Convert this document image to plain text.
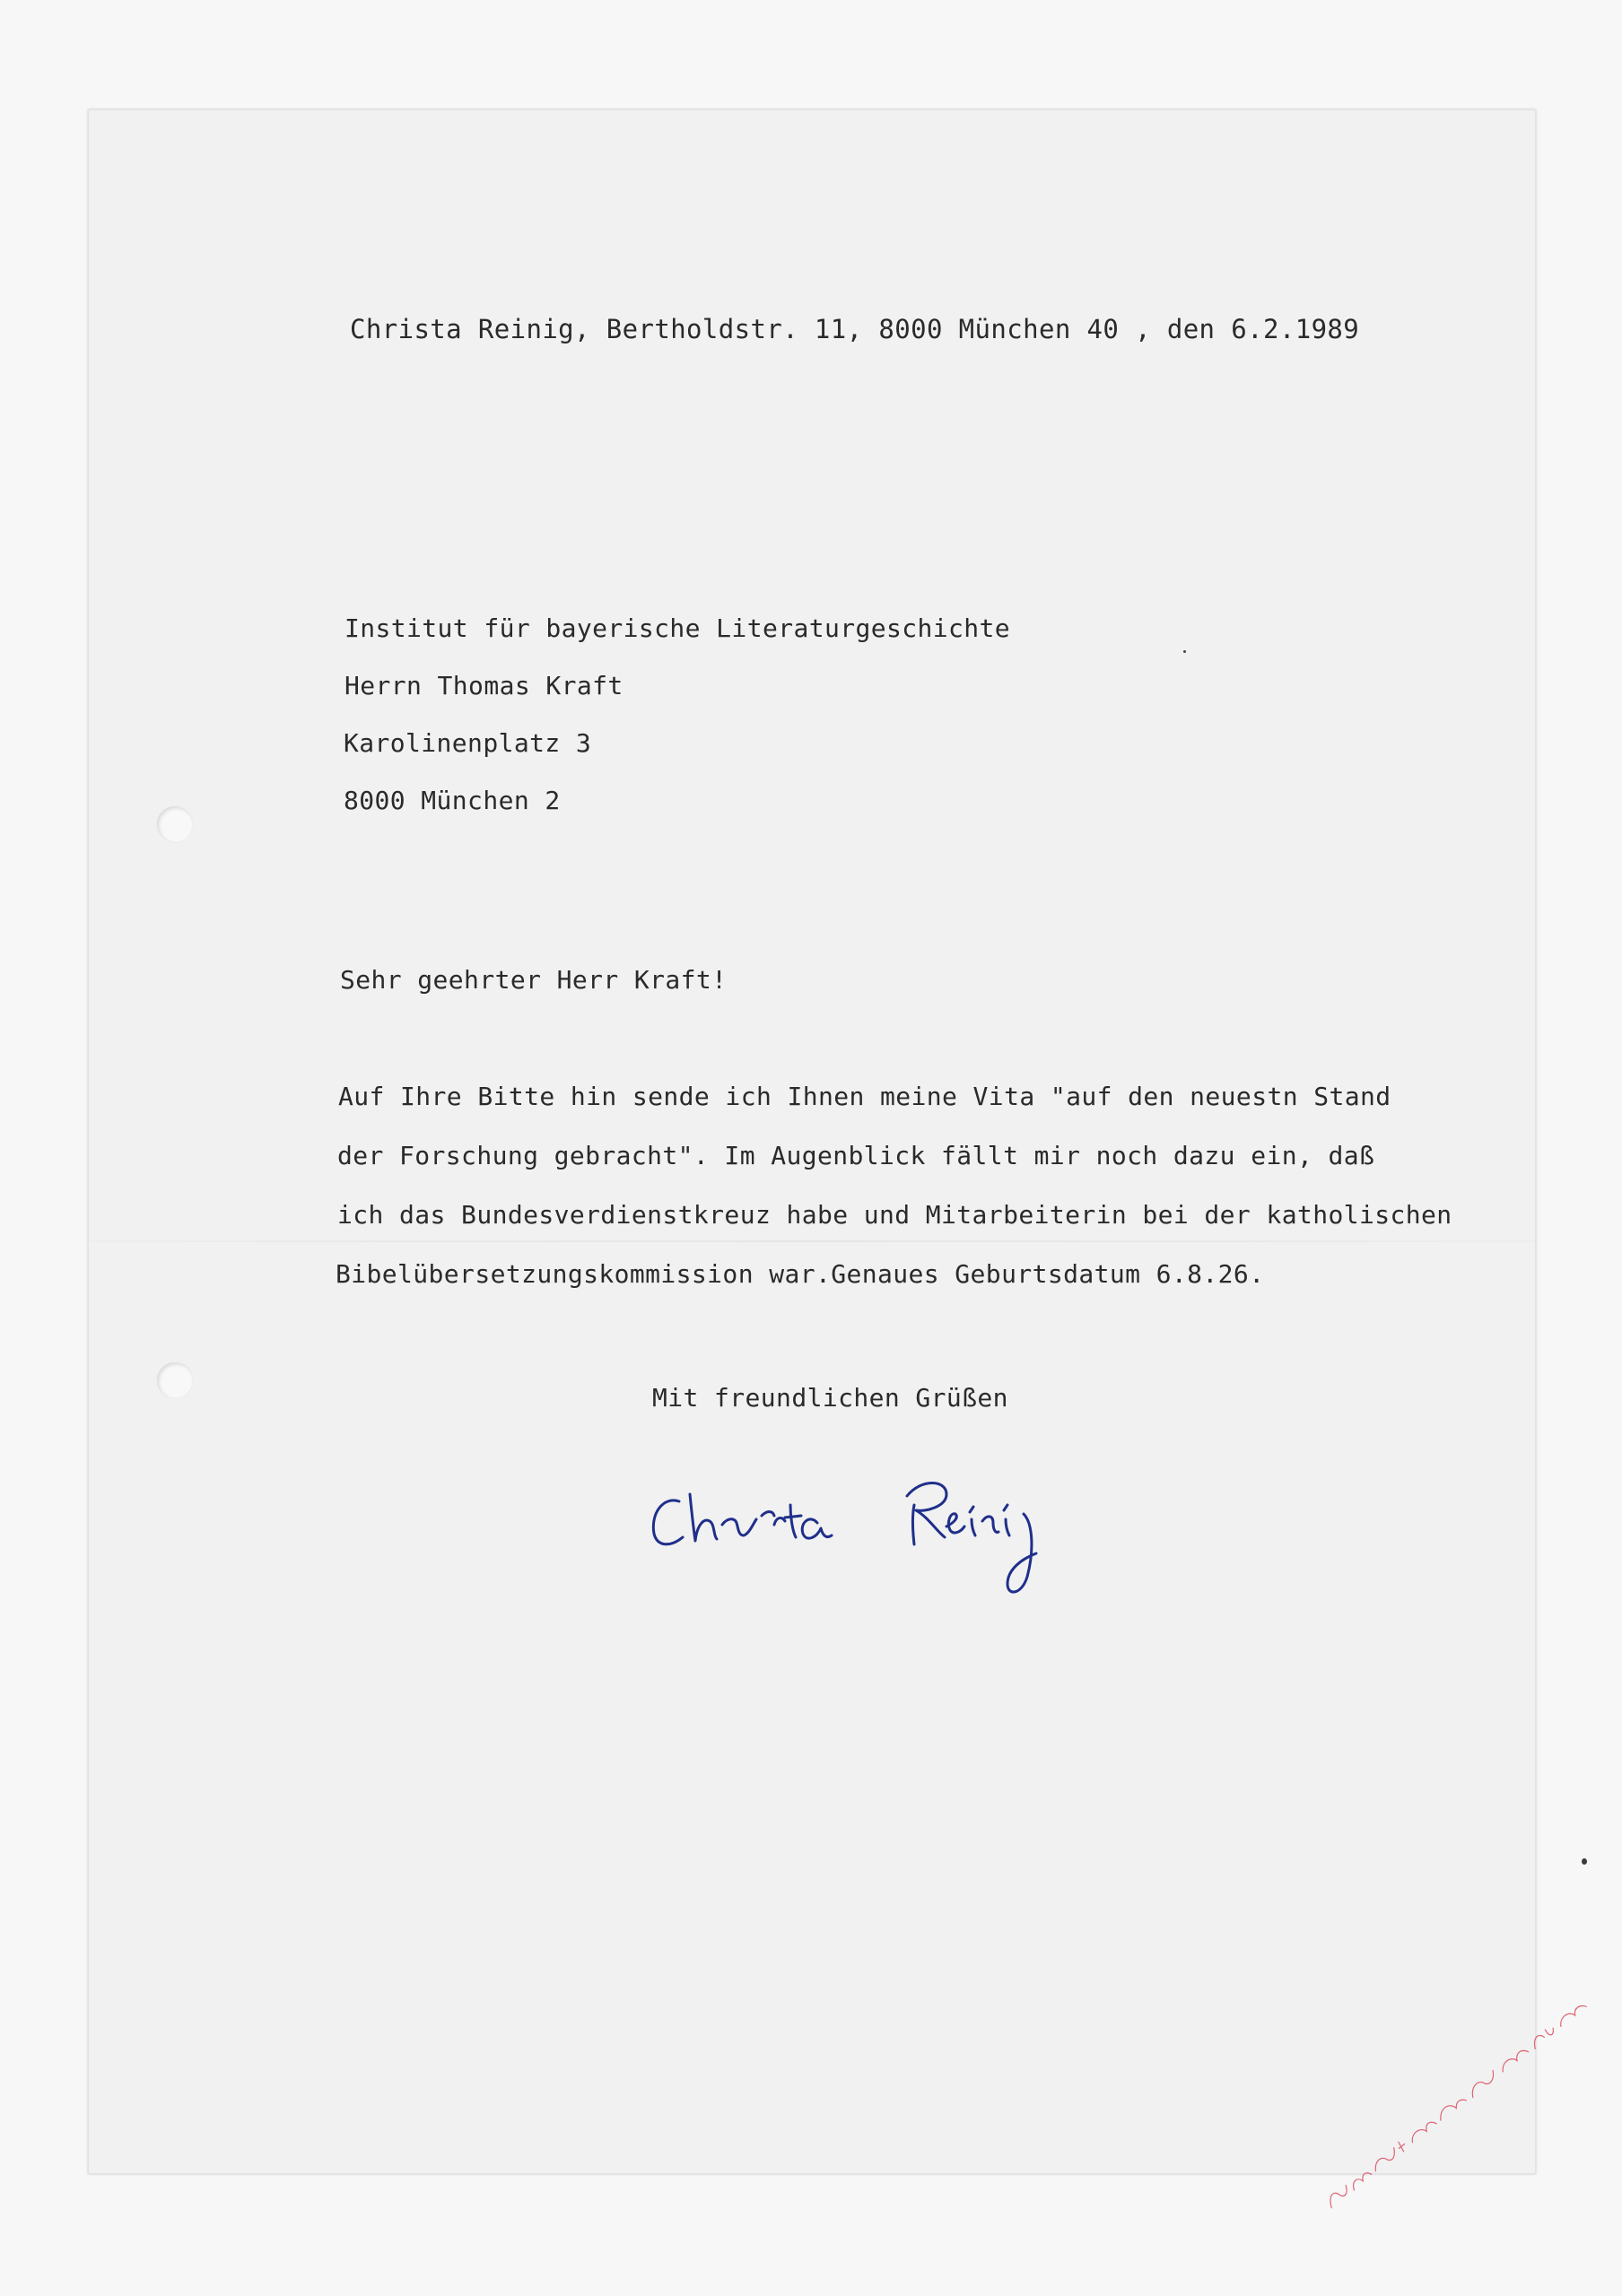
Christa Reinig, Bertholdstr. 11, 8000 München 40 , den 6.2.1989

Institut für bayerische Literaturgeschichte

Herrn Thomas Kraft

Karolinenplatz 3

8000 München 2

Sehr geehrter Herr Kraft!

Auf Ihre Bitte hin sende ich Ihnen meine Vita "auf den neuestn Stand

der Forschung gebracht". Im Augenblick fällt mir noch dazu ein, daß

ich das Bundesverdienstkreuz habe und Mitarbeiterin bei der katholischen

Bibelübersetzungskommission war.Genaues Geburtsdatum 6.8.26.

Mit freundlichen Grüßen
